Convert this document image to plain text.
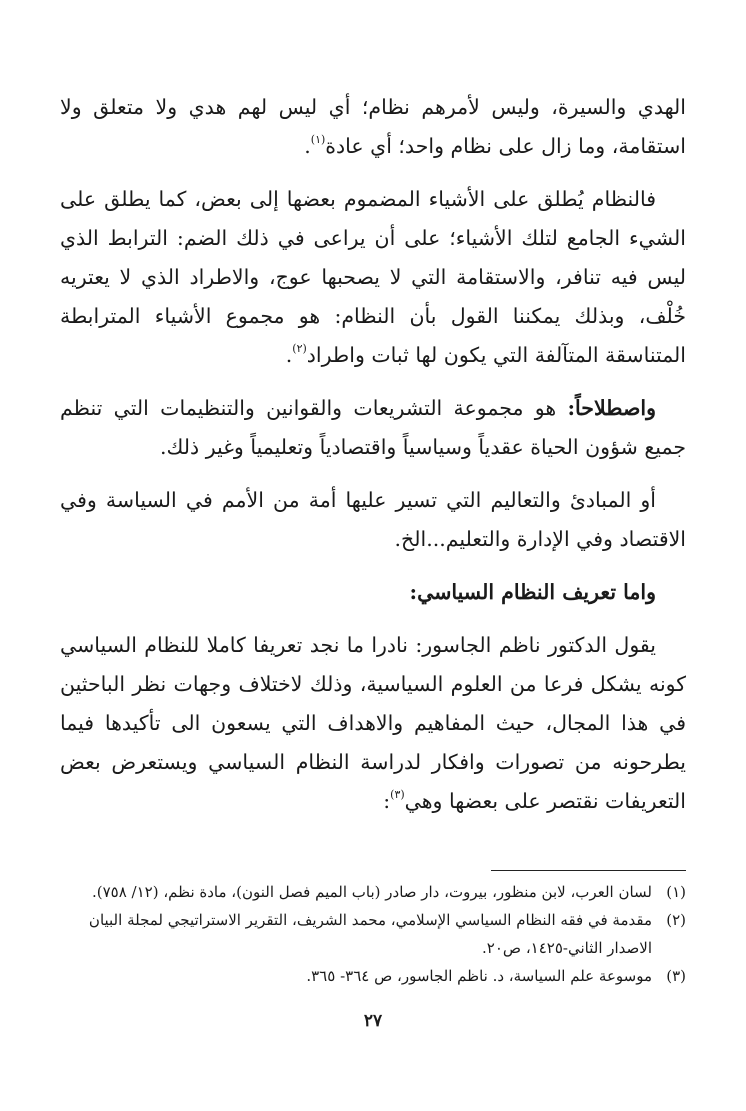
الهدي والسيرة، وليس لأمرهم نظام؛ أي ليس لهم هدي ولا متعلق ولا استقامة، وما زال على نظام واحد؛ أي عادة$^{(١)}$.

فالنظام يُطلق على الأشياء المضموم بعضها إلى بعض، كما يطلق على الشيء الجامع لتلك الأشياء؛ على أن يراعى في ذلك الضم: الترابط الذي ليس فيه تنافر، والاستقامة التي لا يصحبها عوج، والاطراد الذي لا يعتريه خُلْف، وبذلك يمكننا القول بأن النظام: هو مجموع الأشياء المترابطة المتناسقة المتآلفة التي يكون لها ثبات واطراد$^{(٢)}$.

واصطلاحاً: هو مجموعة التشريعات والقوانين والتنظيمات التي تنظم جميع شؤون الحياة عقدياً وسياسياً واقتصادياً وتعليمياً وغير ذلك.

أو المبادئ والتعاليم التي تسير عليها أمة من الأمم في السياسة وفي الاقتصاد وفي الإدارة والتعليم...الخ.

واما تعريف النظام السياسي:

يقول الدكتور ناظم الجاسور: نادرا ما نجد تعريفا كاملا للنظام السياسي كونه يشكل فرعا من العلوم السياسية، وذلك لاختلاف وجهات نظر الباحثين في هذا المجال، حيث المفاهيم والاهداف التي يسعون الى تأكيدها فيما يطرحونه من تصورات وافكار لدراسة النظام السياسي ويستعرض بعض التعريفات نقتصر على بعضها وهي$^{(٣)}$:

(١)
لسان العرب، لابن منظور، بيروت، دار صادر (باب الميم فصل النون)، مادة نظم، (١٢/ ٧٥٨).
(٢)
مقدمة في فقه النظام السياسي الإسلامي، محمد الشريف، التقرير الاستراتيجي لمجلة البيان الاصدار الثاني-١٤٢٥، ص٢٠.
(٣)
موسوعة علم السياسة، د. ناظم الجاسور، ص ٣٦٤- ٣٦٥.
٢٧
